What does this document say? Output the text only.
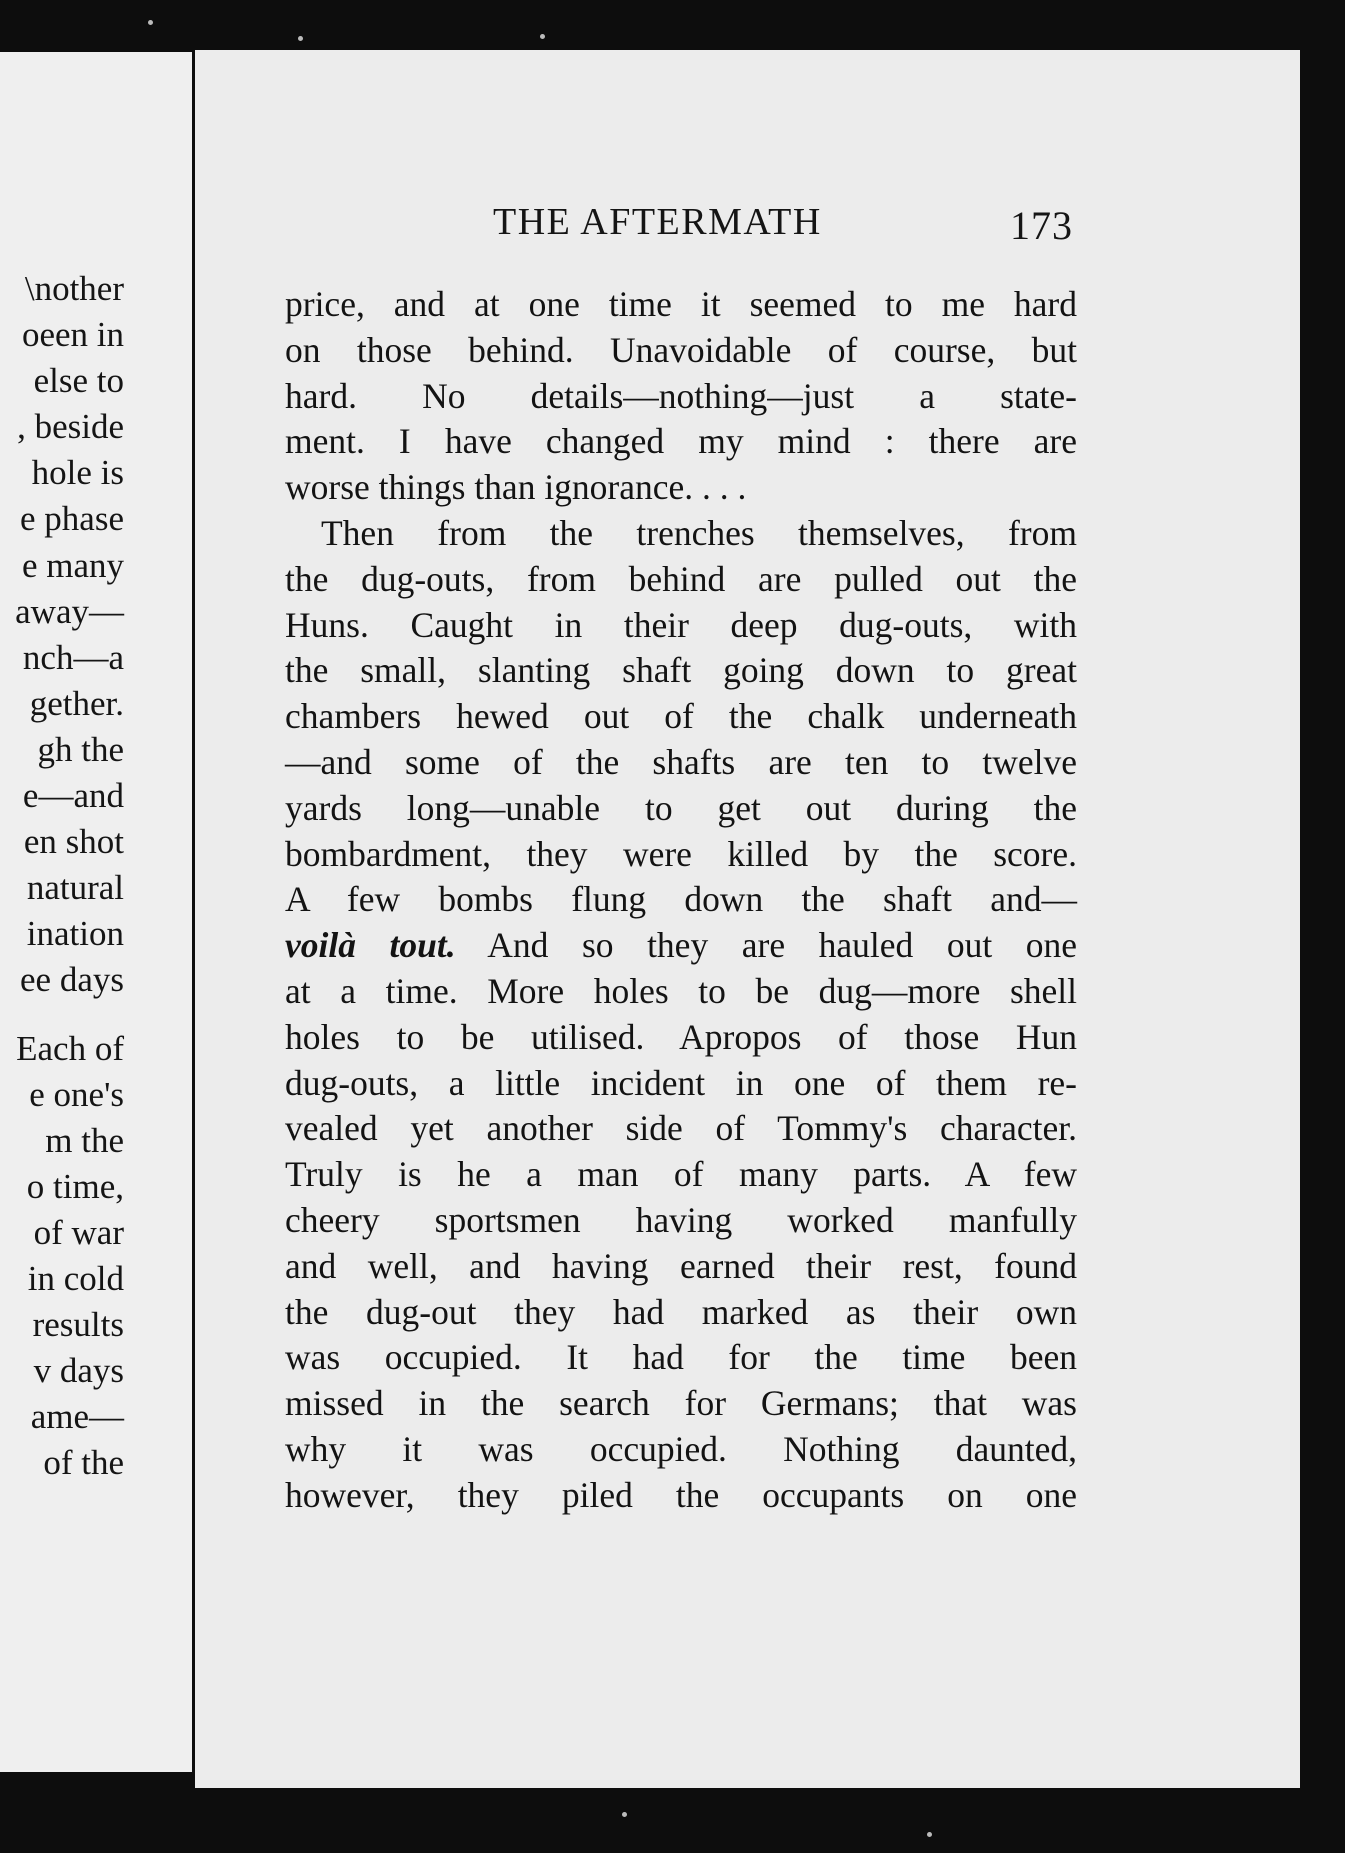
\nother
oeen in
else to
, beside
hole is
e phase
e many
away—
nch—a
gether.
gh the
e—and
en shot
natural
ination
ee days
Each of
e one's
m the
o time,
of war
in cold
results
v days
ame—
of the
THE AFTERMATH	173
price, and at one time it seemed to me hard
on those behind. Unavoidable of course, but
hard. No details—nothing—just a state-
ment. I have changed my mind : there are
worse things than ignorance. . . .
Then from the trenches themselves, from
the dug-outs, from behind are pulled out the
Huns. Caught in their deep dug-outs, with
the small, slanting shaft going down to great
chambers hewed out of the chalk underneath
—and some of the shafts are ten to twelve
yards long—unable to get out during the
bombardment, they were killed by the score.
A few bombs flung down the shaft and—
voilà tout. And so they are hauled out one
at a time. More holes to be dug—more shell
holes to be utilised. Apropos of those Hun
dug-outs, a little incident in one of them re-
vealed yet another side of Tommy's character.
Truly is he a man of many parts. A few
cheery sportsmen having worked manfully
and well, and having earned their rest, found
the dug-out they had marked as their own
was occupied. It had for the time been
missed in the search for Germans; that was
why it was occupied. Nothing daunted,
however, they piled the occupants on one
